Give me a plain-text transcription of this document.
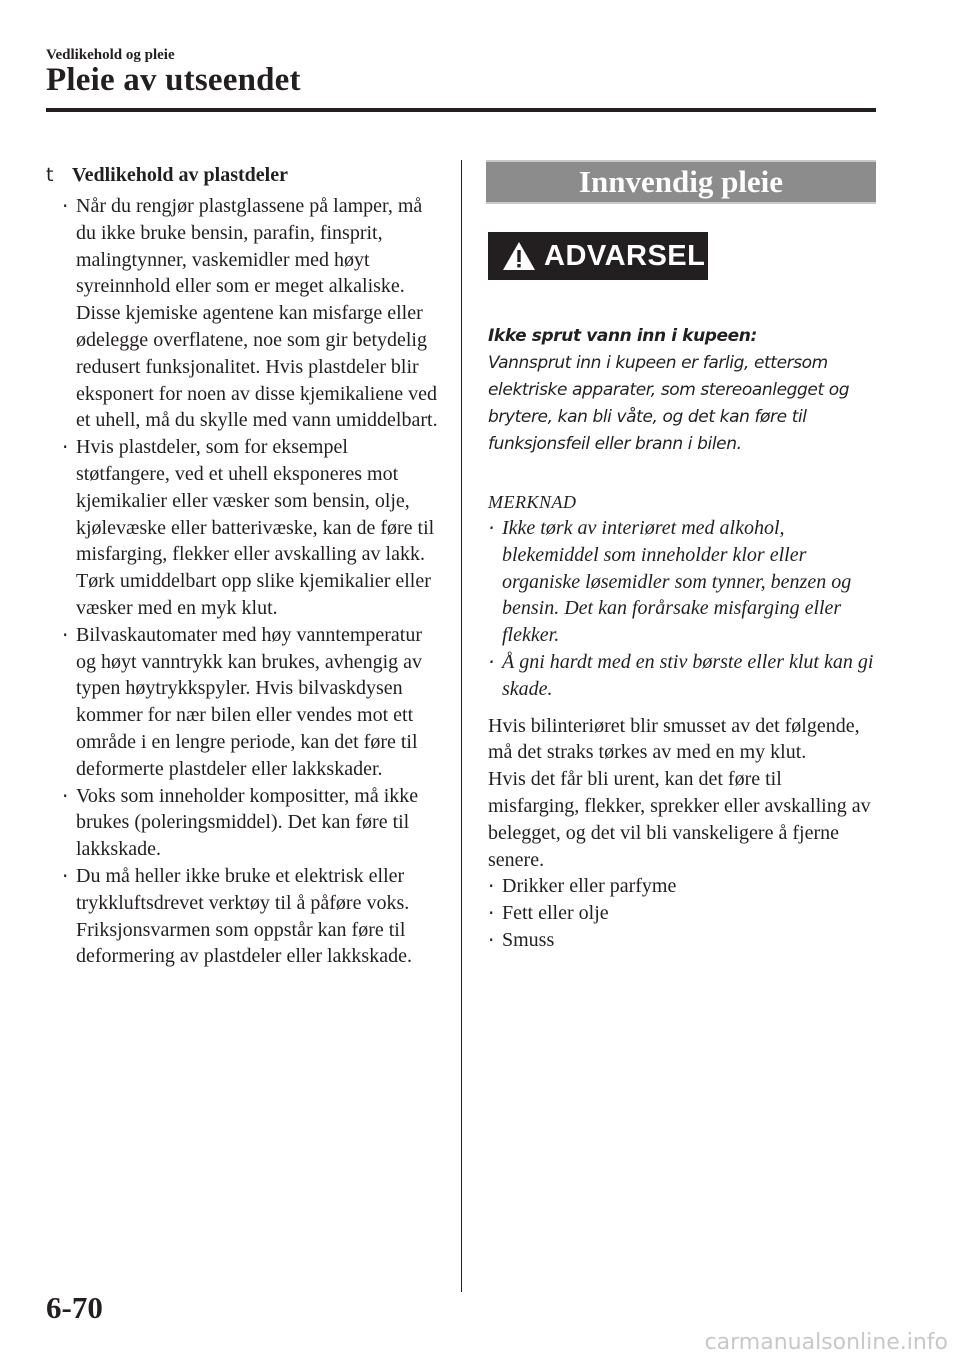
Vedlikehold og pleie
Pleie av utseendet
t Vedlikehold av plastdeler
· Når du rengjør plastglassene på lamper, må du ikke bruke bensin, parafin, finsprit, malingtynner, vaskemidler med høyt syreinnhold eller som er meget alkaliske. Disse kjemiske agentene kan misfarge eller ødelegge overflatene, noe som gir betydelig redusert funksjonalitet. Hvis plastdeler blir eksponert for noen av disse kjemikaliene ved et uhell, må du skylle med vann umiddelbart.
· Hvis plastdeler, som for eksempel støtfangere, ved et uhell eksponeres mot kjemikalier eller væsker som bensin, olje, kjølevæske eller batterivæske, kan de føre til misfarging, flekker eller avskalling av lakk. Tørk umiddelbart opp slike kjemikalier eller væsker med en myk klut.
· Bilvaskautomater med høy vanntemperatur og høyt vanntrykk kan brukes, avhengig av typen høytrykkspyler. Hvis bilvaskdysen kommer for nær bilen eller vendes mot ett område i en lengre periode, kan det føre til deformerte plastdeler eller lakkskader.
· Voks som inneholder kompositter, må ikke brukes (poleringsmiddel). Det kan føre til lakkskade.
· Du må heller ikke bruke et elektrisk eller trykkluftsdrevet verktøy til å påføre voks. Friksjonsvarmen som oppstår kan føre til deformering av plastdeler eller lakkskade.
Innvendig pleie
ADVARSEL
Ikke sprut vann inn i kupeen:
Vannsprut inn i kupeen er farlig, ettersom elektriske apparater, som stereoanlegget og brytere, kan bli våte, og det kan føre til funksjonsfeil eller brann i bilen.
MERKNAD
· Ikke tørk av interiøret med alkohol, blekemiddel som inneholder klor eller organiske løsemidler som tynner, benzen og bensin. Det kan forårsake misfarging eller flekker.
· Å gni hardt med en stiv børste eller klut kan gi skade.
Hvis bilinteriøret blir smusset av det følgende, må det straks tørkes av med en my klut.
Hvis det får bli urent, kan det føre til misfarging, flekker, sprekker eller avskalling av belegget, og det vil bli vanskeligere å fjerne senere.
· Drikker eller parfyme
· Fett eller olje
· Smuss
6-70
carmanualsonline.info
